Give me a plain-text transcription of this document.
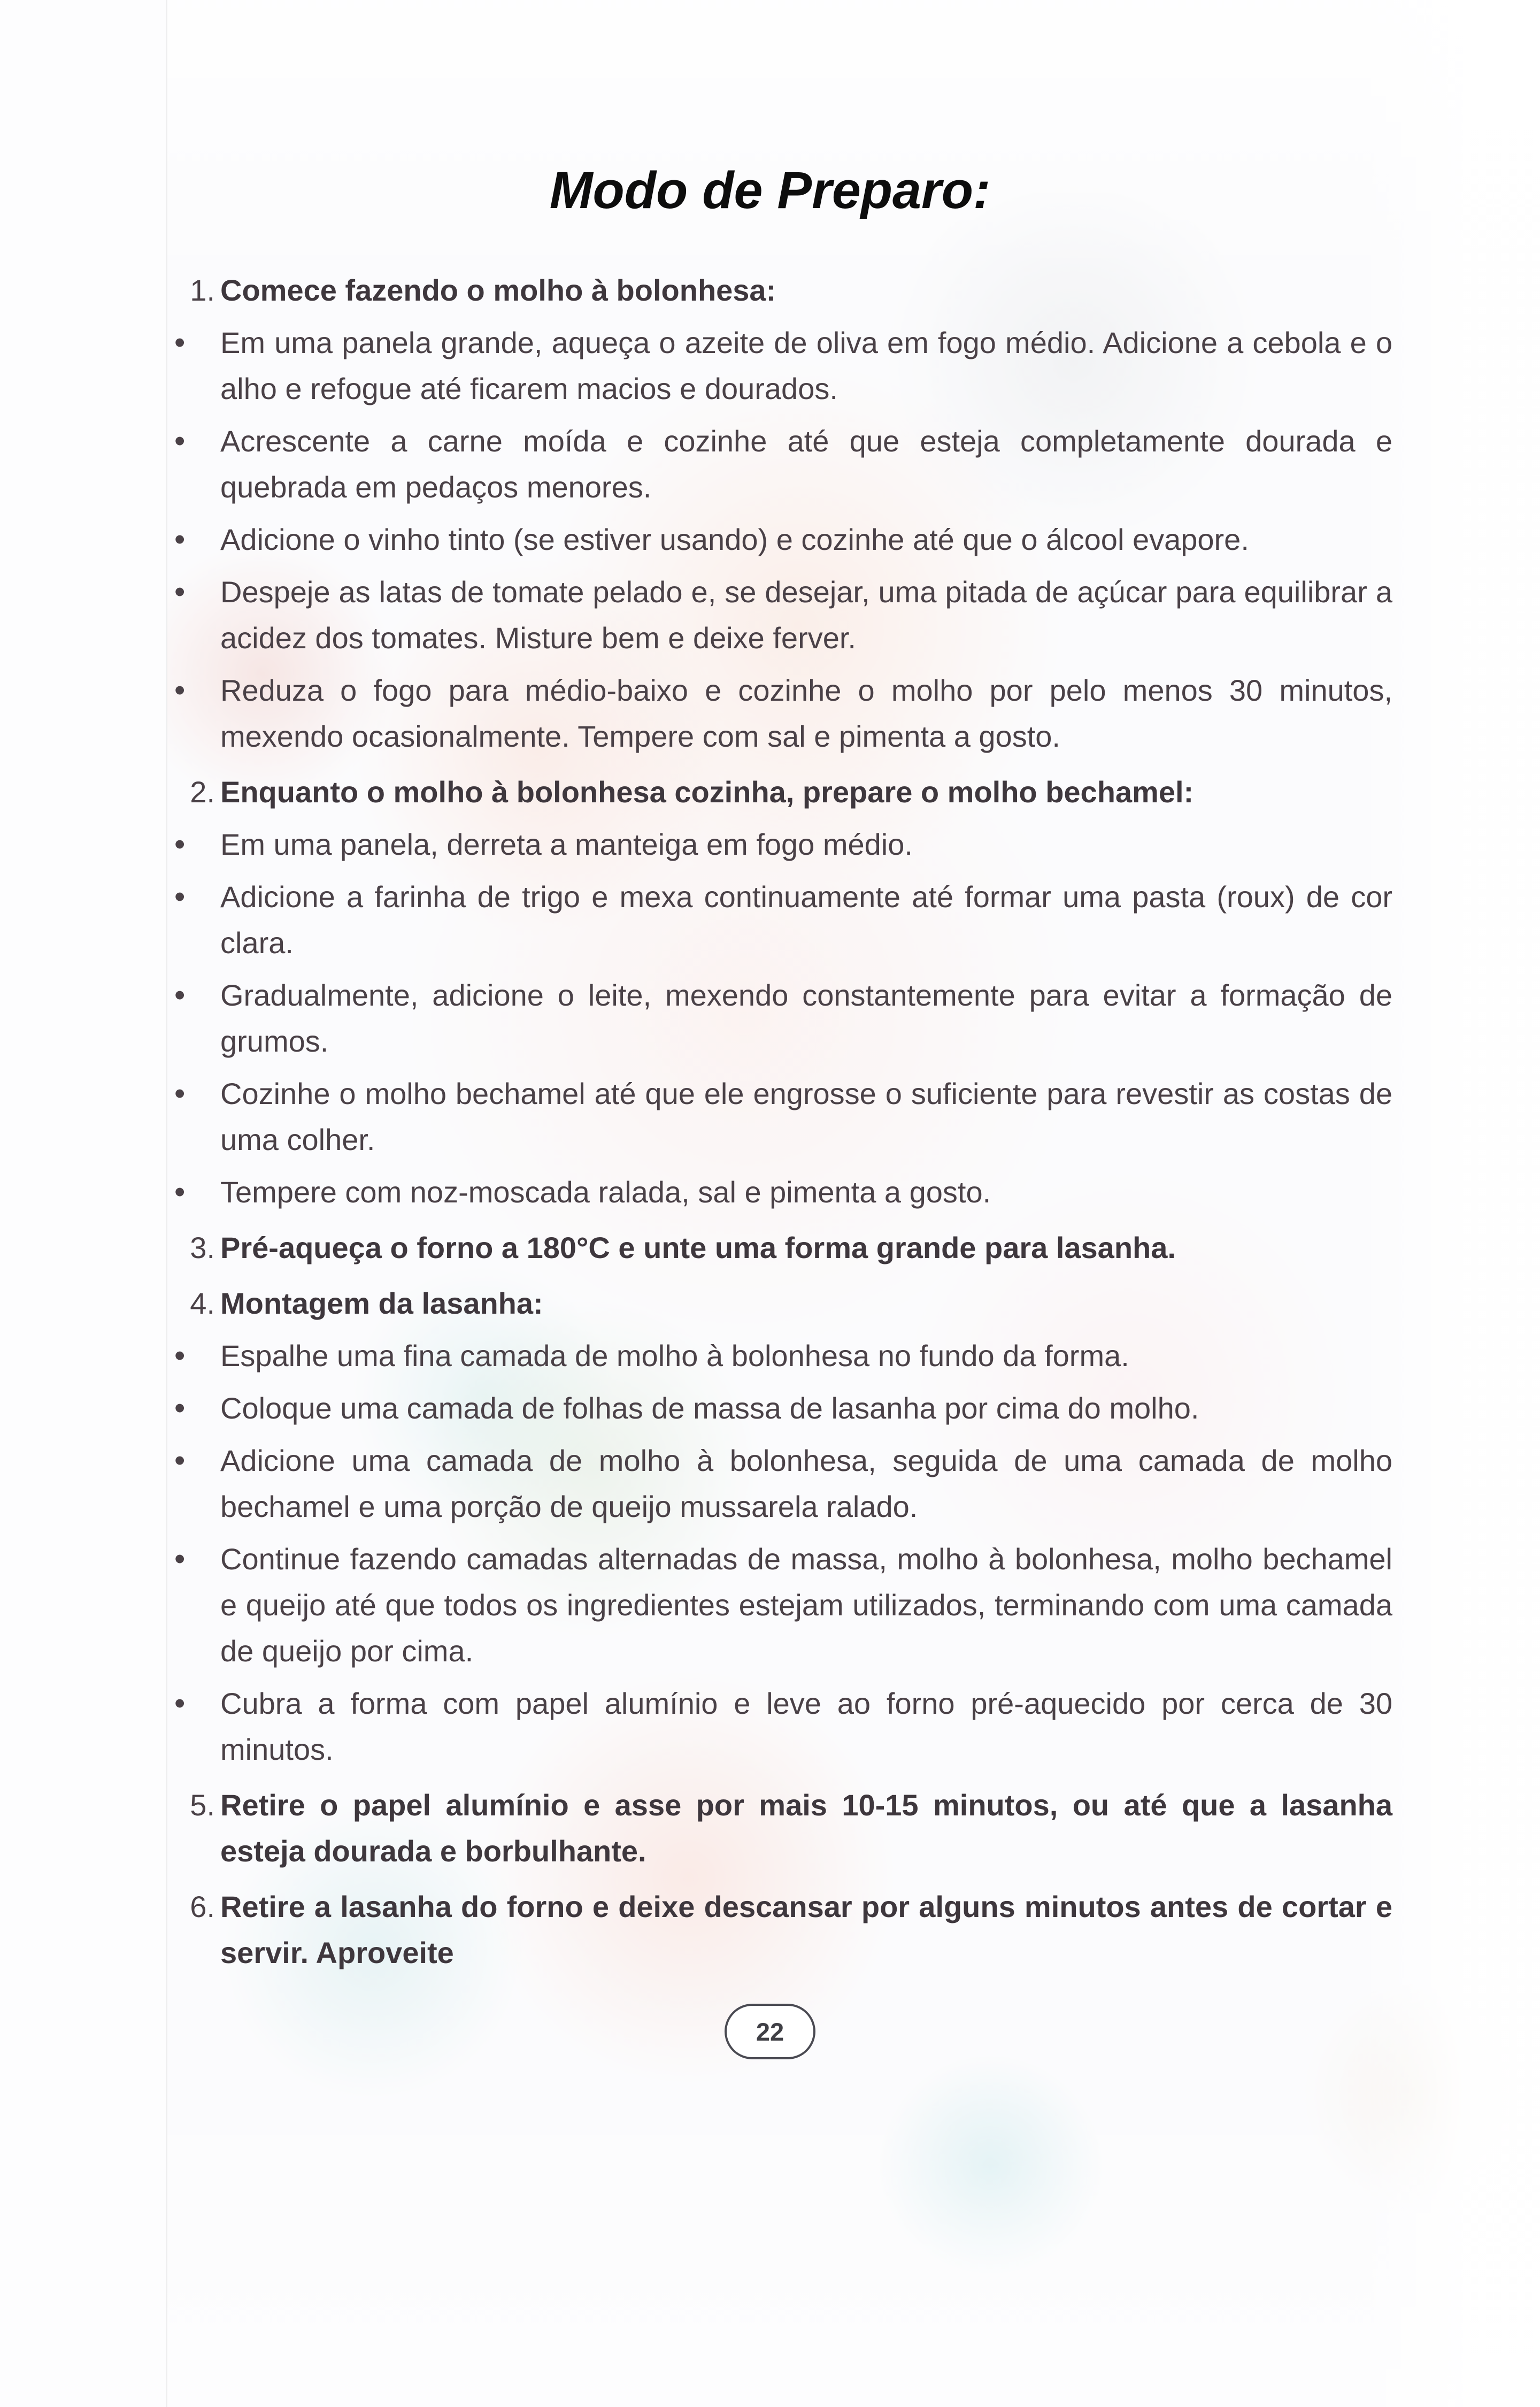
Modo de Preparo:
1. Comece fazendo o molho à bolonhesa:
•	Em uma panela grande, aqueça o azeite de oliva em fogo médio. Adicione a cebola e o alho e refogue até ficarem macios e dourados.
•	Acrescente a carne moída e cozinhe até que esteja completamente dourada e quebrada em pedaços menores.
•	Adicione o vinho tinto (se estiver usando) e cozinhe até que o álcool evapore.
•	Despeje as latas de tomate pelado e, se desejar, uma pitada de açúcar para equilibrar a acidez dos tomates. Misture bem e deixe ferver.
•	Reduza o fogo para médio-baixo e cozinhe o molho por pelo menos 30 minutos, mexendo ocasionalmente. Tempere com sal e pimenta a gosto.
2. Enquanto o molho à bolonhesa cozinha, prepare o molho bechamel:
•	Em uma panela, derreta a manteiga em fogo médio.
•	Adicione a farinha de trigo e mexa continuamente até formar uma pasta (roux) de cor clara.
•	Gradualmente, adicione o leite, mexendo constantemente para evitar a formação de grumos.
•	Cozinhe o molho bechamel até que ele engrosse o suficiente para revestir as costas de uma colher.
•	Tempere com noz-moscada ralada, sal e pimenta a gosto.
3. Pré-aqueça o forno a 180°C e unte uma forma grande para lasanha.
4. Montagem da lasanha:
•	Espalhe uma fina camada de molho à bolonhesa no fundo da forma.
•	Coloque uma camada de folhas de massa de lasanha por cima do molho.
•	Adicione uma camada de molho à bolonhesa, seguida de uma camada de molho bechamel e uma porção de queijo mussarela ralado.
•	Continue fazendo camadas alternadas de massa, molho à bolonhesa, molho bechamel e queijo até que todos os ingredientes estejam utilizados, terminando com uma camada de queijo por cima.
•	Cubra a forma com papel alumínio e leve ao forno pré-aquecido por cerca de 30 minutos.
5. Retire o papel alumínio e asse por mais 10-15 minutos, ou até que a lasanha esteja dourada e borbulhante.
6. Retire a lasanha do forno e deixe descansar por alguns minutos antes de cortar e servir. Aproveite
22
